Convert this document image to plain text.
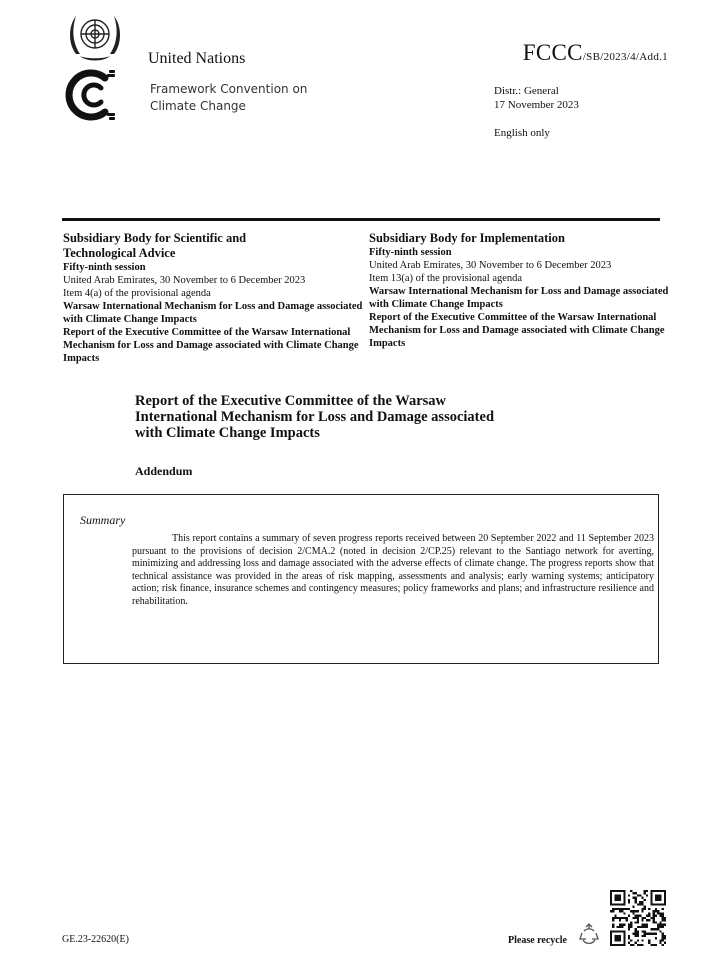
United Nations
Framework Convention on
Climate Change
FCCC/SB/2023/4/Add.1
Distr.: General
17 November 2023
English only
Subsidiary Body for Scientific and
Technological Advice
Fifty-ninth session
United Arab Emirates, 30 November to 6 December 2023
Item 4(a) of the provisional agenda
Warsaw International Mechanism for Loss and Damage associated with Climate Change Impacts
Report of the Executive Committee of the Warsaw International Mechanism for Loss and Damage associated with Climate Change Impacts
Subsidiary Body for Implementation
Fifty-ninth session
United Arab Emirates, 30 November to 6 December 2023
Item 13(a) of the provisional agenda
Warsaw International Mechanism for Loss and Damage associated with Climate Change Impacts
Report of the Executive Committee of the Warsaw International Mechanism for Loss and Damage associated with Climate Change Impacts
Report of the Executive Committee of the Warsaw
International Mechanism for Loss and Damage associated
with Climate Change Impacts
Addendum
Summary
This report contains a summary of seven progress reports received between 20 September 2022 and 11 September 2023 pursuant to the provisions of decision 2/CMA.2 (noted in decision 2/CP.25) relevant to the Santiago network for averting, minimizing and addressing loss and damage associated with the adverse effects of climate change. The progress reports show that technical assistance was provided in the areas of risk mapping, assessments and analysis; early warning systems; anticipatory action; risk finance, insurance schemes and contingency measures; policy frameworks and plans; and infrastructure resilience and rehabilitation.
GE.23-22620(E)	Please recycle
